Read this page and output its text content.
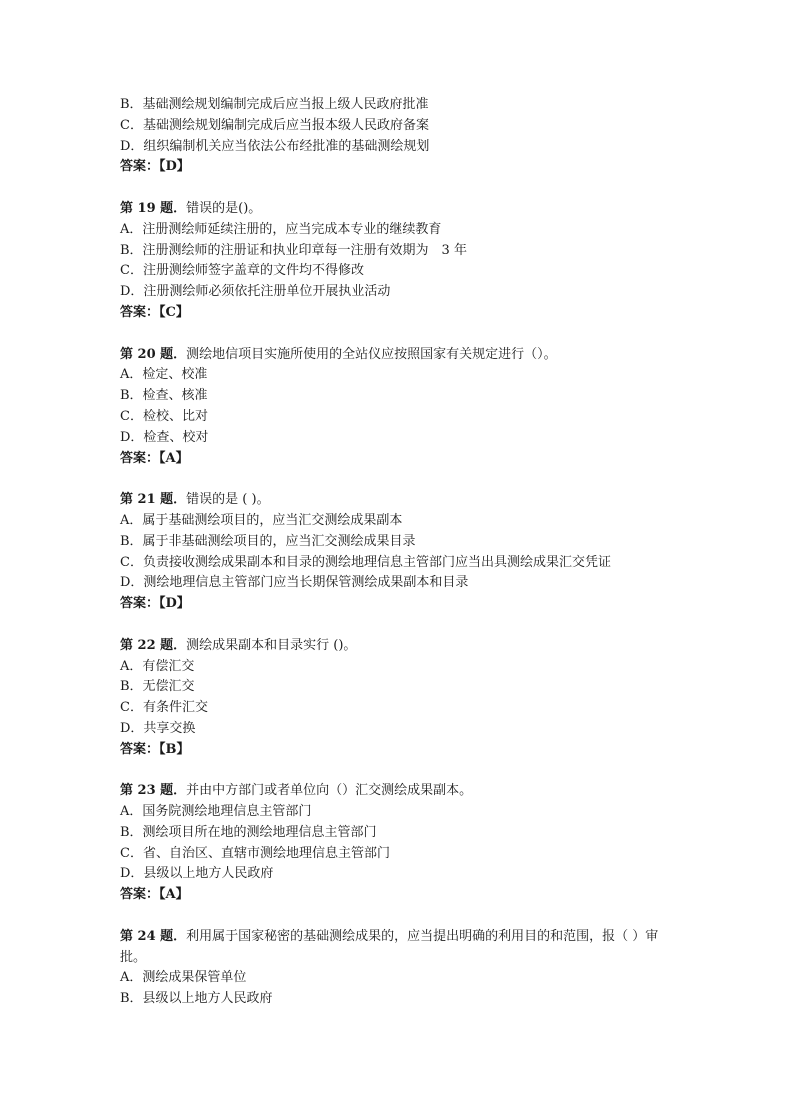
B．基础测绘规划编制完成后应当报上级人民政府批准
C．基础测绘规划编制完成后应当报本级人民政府备案
D．组织编制机关应当依法公布经批准的基础测绘规划
答案：【D】
第 19 题．错误的是()。
A．注册测绘师延续注册的，应当完成本专业的继续教育
B．注册测绘师的注册证和执业印章每一注册有效期为　3 年
C．注册测绘师签字盖章的文件均不得修改
D．注册测绘师必须依托注册单位开展执业活动
答案：【C】
第 20 题．测绘地信项目实施所使用的全站仪应按照国家有关规定进行（）。
A．检定、校准
B．检查、核准
C．检校、比对
D．检查、校对
答案：【A】
第 21 题．错误的是 ( )。
A．属于基础测绘项目的，应当汇交测绘成果副本
B．属于非基础测绘项目的，应当汇交测绘成果目录
C．负责接收测绘成果副本和目录的测绘地理信息主管部门应当出具测绘成果汇交凭证
D．测绘地理信息主管部门应当长期保管测绘成果副本和目录
答案：【D】
第 22 题．测绘成果副本和目录实行 ()。
A．有偿汇交
B．无偿汇交
C．有条件汇交
D．共享交换
答案：【B】
第 23 题．并由中方部门或者单位向（）汇交测绘成果副本。
A．国务院测绘地理信息主管部门
B．测绘项目所在地的测绘地理信息主管部门
C．省、自治区、直辖市测绘地理信息主管部门
D．县级以上地方人民政府
答案：【A】
第 24 题．利用属于国家秘密的基础测绘成果的，应当提出明确的利用目的和范围，报（ ）审批。
A．测绘成果保管单位
B．县级以上地方人民政府
